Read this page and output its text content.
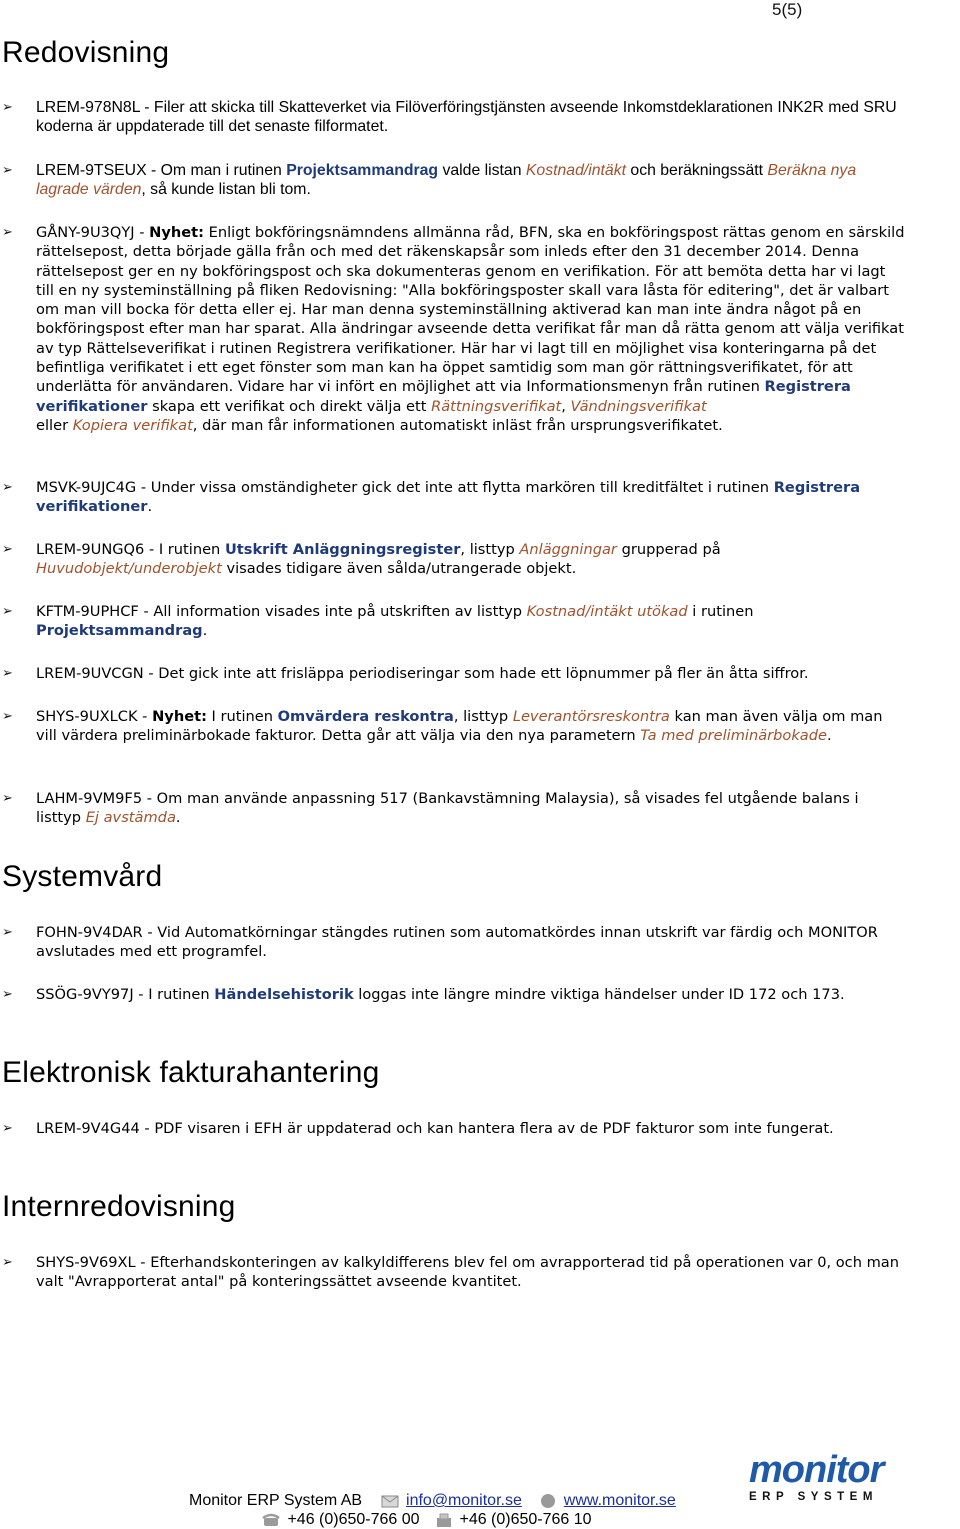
5(5)
Redovisning
➢ LREM-978N8L - Filer att skicka till Skatteverket via Filöverföringstjänsten avseende Inkomstdeklarationen INK2R med SRU koderna är uppdaterade till det senaste filformatet.
➢ LREM-9TSEUX - Om man i rutinen Projektsammandrag valde listan Kostnad/intäkt och beräkningssätt Beräkna nya lagrade värden, så kunde listan bli tom.
➢ GÅNY-9U3QYJ - Nyhet: Enligt bokföringsnämndens allmänna råd, BFN, ska en bokföringspost rättas genom en särskild rättelsepost, detta började gälla från och med det räkenskapsår som inleds efter den 31 december 2014. Denna rättelsepost ger en ny bokföringspost och ska dokumenteras genom en verifikation. För att bemöta detta har vi lagt till en ny systeminställning på fliken Redovisning: "Alla bokföringsposter skall vara låsta för editering", det är valbart om man vill bocka för detta eller ej. Har man denna systeminställning aktiverad kan man inte ändra något på en bokföringspost efter man har sparat. Alla ändringar avseende detta verifikat får man då rätta genom att välja verifikat av typ Rättelseverifikat i rutinen Registrera verifikationer. Här har vi lagt till en möjlighet visa konteringarna på det befintliga verifikatet i ett eget fönster som man kan ha öppet samtidig som man gör rättningsverifikatet, för att underlätta för användaren. Vidare har vi infört en möjlighet att via Informationsmenyn från rutinen Registrera verifikationer skapa ett verifikat och direkt välja ett Rättningsverifikat, Vändningsverifikat
eller Kopiera verifikat, där man får informationen automatiskt inläst från ursprungsverifikatet.
➢ MSVK-9UJC4G - Under vissa omständigheter gick det inte att flytta markören till kreditfältet i rutinen Registrera verifikationer.
➢ LREM-9UNGQ6 - I rutinen Utskrift Anläggningsregister, listtyp Anläggningar grupperad på
Huvudobjekt/underobjekt visades tidigare även sålda/utrangerade objekt.
➢ KFTM-9UPHCF - All information visades inte på utskriften av listtyp Kostnad/intäkt utökad i rutinen
Projektsammandrag.
➢ LREM-9UVCGN - Det gick inte att frisläppa periodiseringar som hade ett löpnummer på fler än åtta siffror.
➢ SHYS-9UXLCK - Nyhet: I rutinen Omvärdera reskontra, listtyp Leverantörsreskontra kan man även välja om man vill värdera preliminärbokade fakturor. Detta går att välja via den nya parametern Ta med preliminärbokade.
➢ LAHM-9VM9F5 - Om man använde anpassning 517 (Bankavstämning Malaysia), så visades fel utgående balans i listtyp Ej avstämda.
Systemvård
➢ FOHN-9V4DAR - Vid Automatkörningar stängdes rutinen som automatkördes innan utskrift var färdig och MONITOR avslutades med ett programfel.
➢ SSÖG-9VY97J - I rutinen Händelsehistorik loggas inte längre mindre viktiga händelser under ID 172 och 173.
Elektronisk fakturahantering
➢ LREM-9V4G44 - PDF visaren i EFH är uppdaterad och kan hantera flera av de PDF fakturor som inte fungerat.
Internredovisning
➢ SHYS-9V69XL - Efterhandskonteringen av kalkyldifferens blev fel om avrapporterad tid på operationen var 0, och man valt "Avrapporterat antal" på konteringssättet avseende kvantitet.
monitor
ERP SYSTEM
Monitor ERP System AB	info@monitor.se	www.monitor.se
+46 (0)650-766 00 +46 (0)650-766 10
